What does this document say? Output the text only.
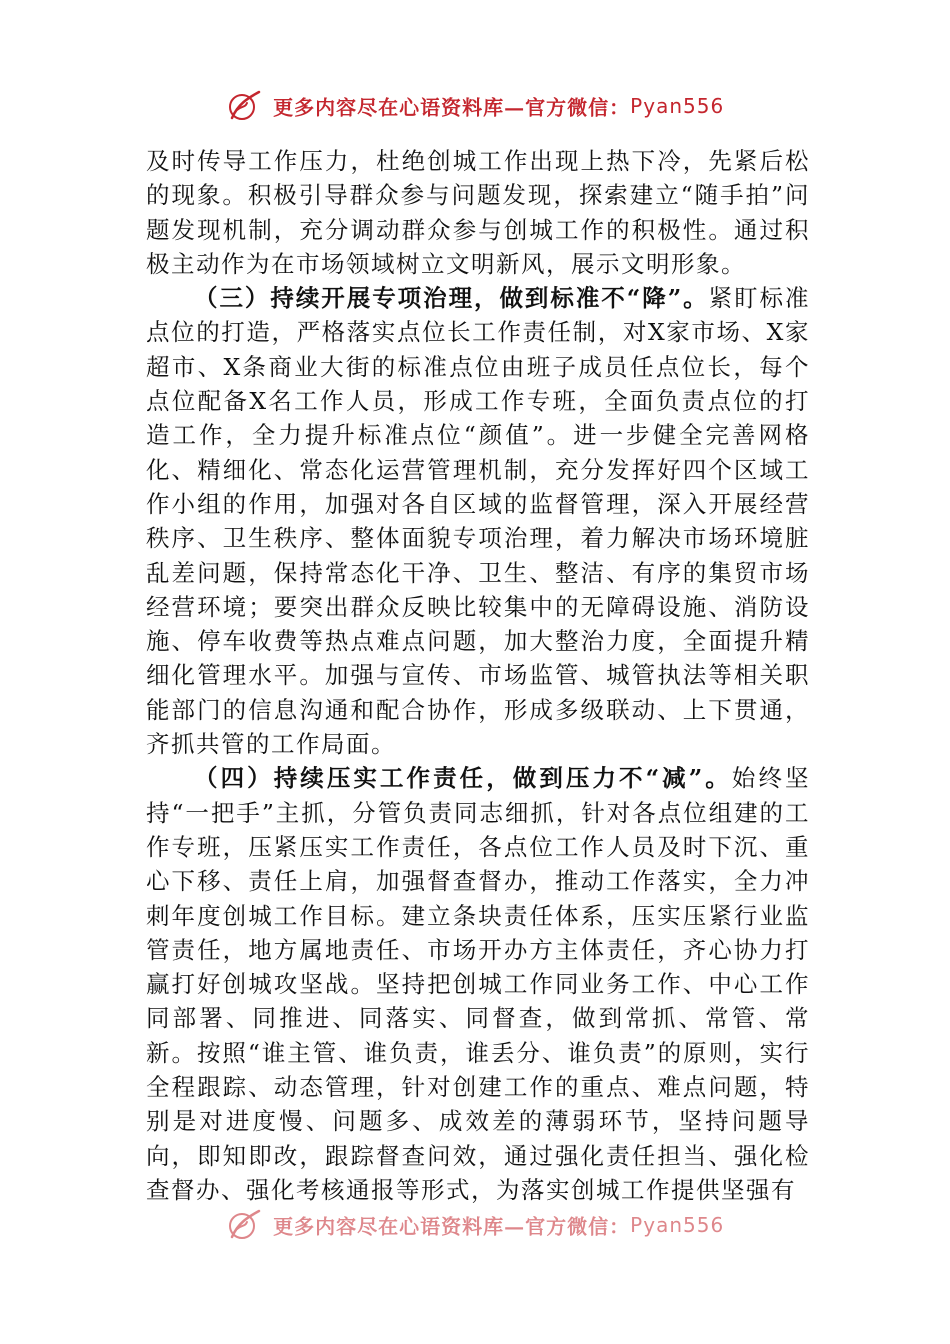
更多内容尽在心语资料库—官方微信：Pyan556

及时传导工作压力，杜绝创城工作出现上热下冷，先紧后松的现象。积极引导群众参与问题发现，探索建立“随手拍”问题发现机制，充分调动群众参与创城工作的积极性。通过积极主动作为在市场领域树立文明新风，展示文明形象。

（三）持续开展专项治理，做到标准不“降”。紧盯标准点位的打造，严格落实点位长工作责任制，对X家市场、X家超市、X条商业大街的标准点位由班子成员任点位长，每个点位配备X名工作人员，形成工作专班，全面负责点位的打造工作，全力提升标准点位“颜值”。进一步健全完善网格化、精细化、常态化运营管理机制，充分发挥好四个区域工作小组的作用，加强对各自区域的监督管理，深入开展经营秩序、卫生秩序、整体面貌专项治理，着力解决市场环境脏乱差问题，保持常态化干净、卫生、整洁、有序的集贸市场经营环境；要突出群众反映比较集中的无障碍设施、消防设施、停车收费等热点难点问题，加大整治力度，全面提升精细化管理水平。加强与宣传、市场监管、城管执法等相关职能部门的信息沟通和配合协作，形成多级联动、上下贯通，齐抓共管的工作局面。

（四）持续压实工作责任，做到压力不“减”。始终坚持“一把手”主抓，分管负责同志细抓，针对各点位组建的工作专班，压紧压实工作责任，各点位工作人员及时下沉、重心下移、责任上肩，加强督查督办，推动工作落实，全力冲刺年度创城工作目标。建立条块责任体系，压实压紧行业监管责任，地方属地责任、市场开办方主体责任，齐心协力打赢打好创城攻坚战。坚持把创城工作同业务工作、中心工作同部署、同推进、同落实、同督查，做到常抓、常管、常新。按照“谁主管、谁负责，谁丢分、谁负责”的原则，实行全程跟踪、动态管理，针对创建工作的重点、难点问题，特别是对进度慢、问题多、成效差的薄弱环节，坚持问题导向，即知即改，跟踪督查问效，通过强化责任担当、强化检查督办、强化考核通报等形式，为落实创城工作提供坚强有

更多内容尽在心语资料库—官方微信：Pyan556
